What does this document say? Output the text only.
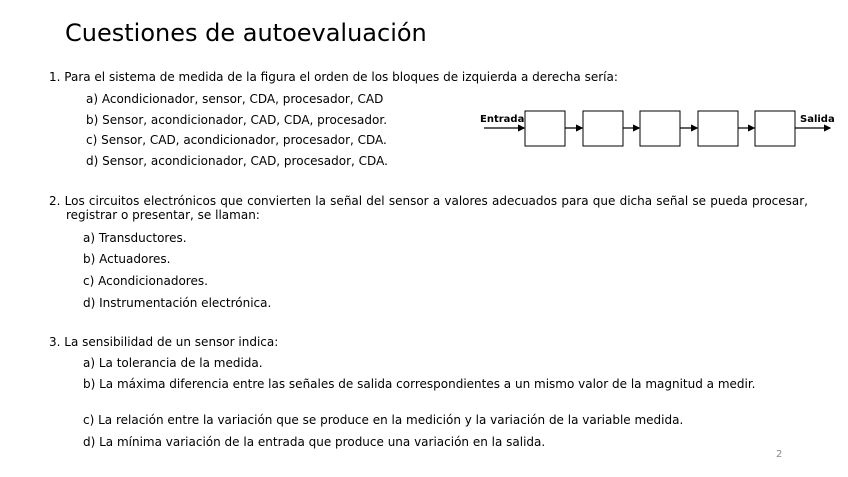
Cuestiones de autoevaluación
1. Para el sistema de medida de la figura el orden de los bloques de izquierda a derecha sería:
a) Acondicionador, sensor, CDA, procesador, CAD
b) Sensor, acondicionador, CAD, CDA, procesador.
c) Sensor, CAD, acondicionador, procesador, CDA.
d) Sensor, acondicionador, CAD, procesador, CDA.
Entrada	Salida
2. Los circuitos electrónicos que convierten la señal del sensor a valores adecuados para que dicha señal se pueda procesar, registrar o presentar, se llaman:
a) Transductores.
b) Actuadores.
c) Acondicionadores.
d) Instrumentación electrónica.
3. La sensibilidad de un sensor indica:
a) La tolerancia de la medida.
b) La máxima diferencia entre las señales de salida correspondientes a un mismo valor de la magnitud a medir.
c) La relación entre la variación que se produce en la medición y la variación de la variable medida.
d) La mínima variación de la entrada que produce una variación en la salida.
2
